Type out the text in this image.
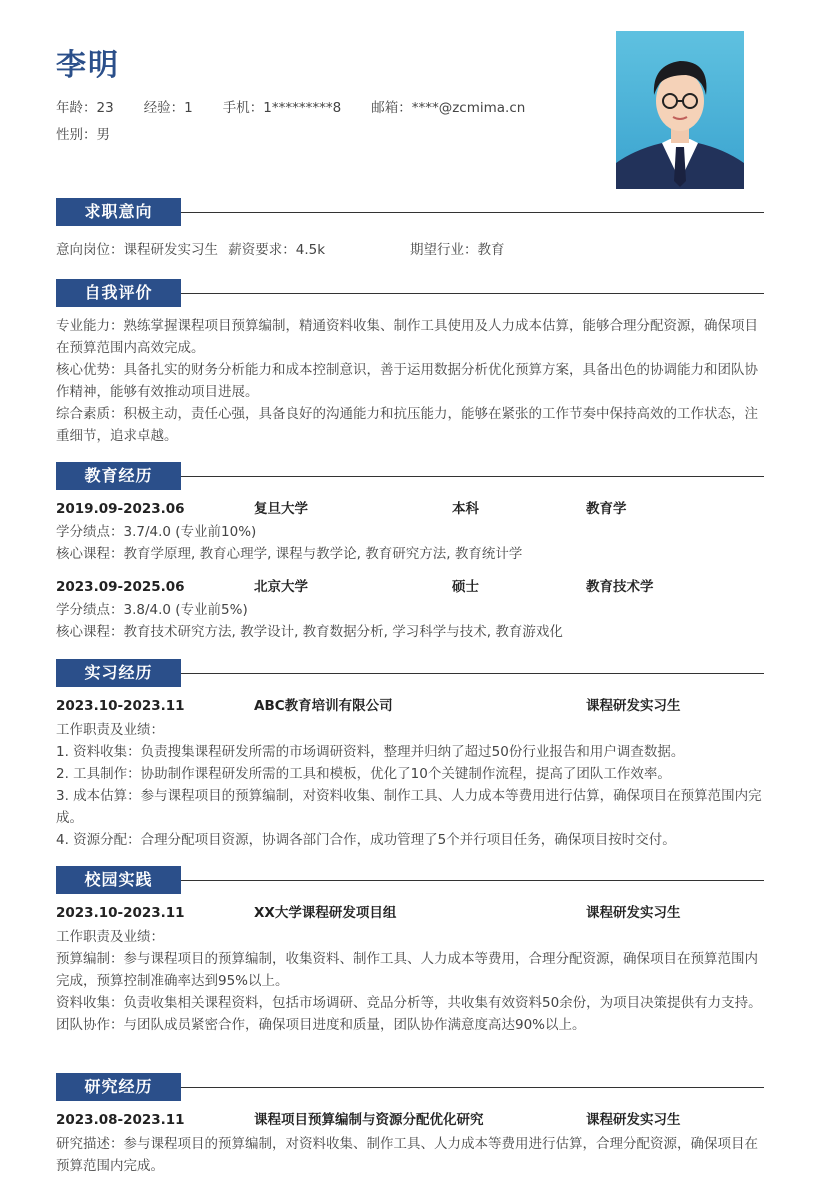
李明
年龄：23 经验：1 手机：1*********8 邮箱：****@zcmima.cn
性别：男
求职意向
意向岗位：课程研发实习生 薪资要求：4.5k	期望行业：教育
自我评价
专业能力：熟练掌握课程项目预算编制，精通资料收集、制作工具使用及人力成本估算，能够合理分配资源，确保项目在预算范围内高效完成。
核心优势：具备扎实的财务分析能力和成本控制意识，善于运用数据分析优化预算方案，具备出色的协调能力和团队协作精神，能够有效推动项目进展。
综合素质：积极主动，责任心强，具备良好的沟通能力和抗压能力，能够在紧张的工作节奏中保持高效的工作状态，注重细节，追求卓越。
教育经历
2019.09-2023.06	复旦大学	本科	教育学
学分绩点：3.7/4.0 (专业前10%)
核心课程：教育学原理, 教育心理学, 课程与教学论, 教育研究方法, 教育统计学
2023.09-2025.06	北京大学	硕士	教育技术学
学分绩点：3.8/4.0 (专业前5%)
核心课程：教育技术研究方法, 教学设计, 教育数据分析, 学习科学与技术, 教育游戏化
实习经历
2023.10-2023.11	ABC教育培训有限公司	课程研发实习生
工作职责及业绩：
1. 资料收集：负责搜集课程研发所需的市场调研资料，整理并归纳了超过50份行业报告和用户调查数据。
2. 工具制作：协助制作课程研发所需的工具和模板，优化了10个关键制作流程，提高了团队工作效率。
3. 成本估算：参与课程项目的预算编制，对资料收集、制作工具、人力成本等费用进行估算，确保项目在预算范围内完成。
4. 资源分配：合理分配项目资源，协调各部门合作，成功管理了5个并行项目任务，确保项目按时交付。
校园实践
2023.10-2023.11	XX大学课程研发项目组	课程研发实习生
工作职责及业绩：
预算编制：参与课程项目的预算编制，收集资料、制作工具、人力成本等费用，合理分配资源，确保项目在预算范围内完成，预算控制准确率达到95%以上。
资料收集：负责收集相关课程资料，包括市场调研、竞品分析等，共收集有效资料50余份，为项目决策提供有力支持。
团队协作：与团队成员紧密合作，确保项目进度和质量，团队协作满意度高达90%以上。
研究经历
2023.08-2023.11	课程项目预算编制与资源分配优化研究	课程研发实习生
研究描述：参与课程项目的预算编制，对资料收集、制作工具、人力成本等费用进行估算，合理分配资源，确保项目在预算范围内完成。
